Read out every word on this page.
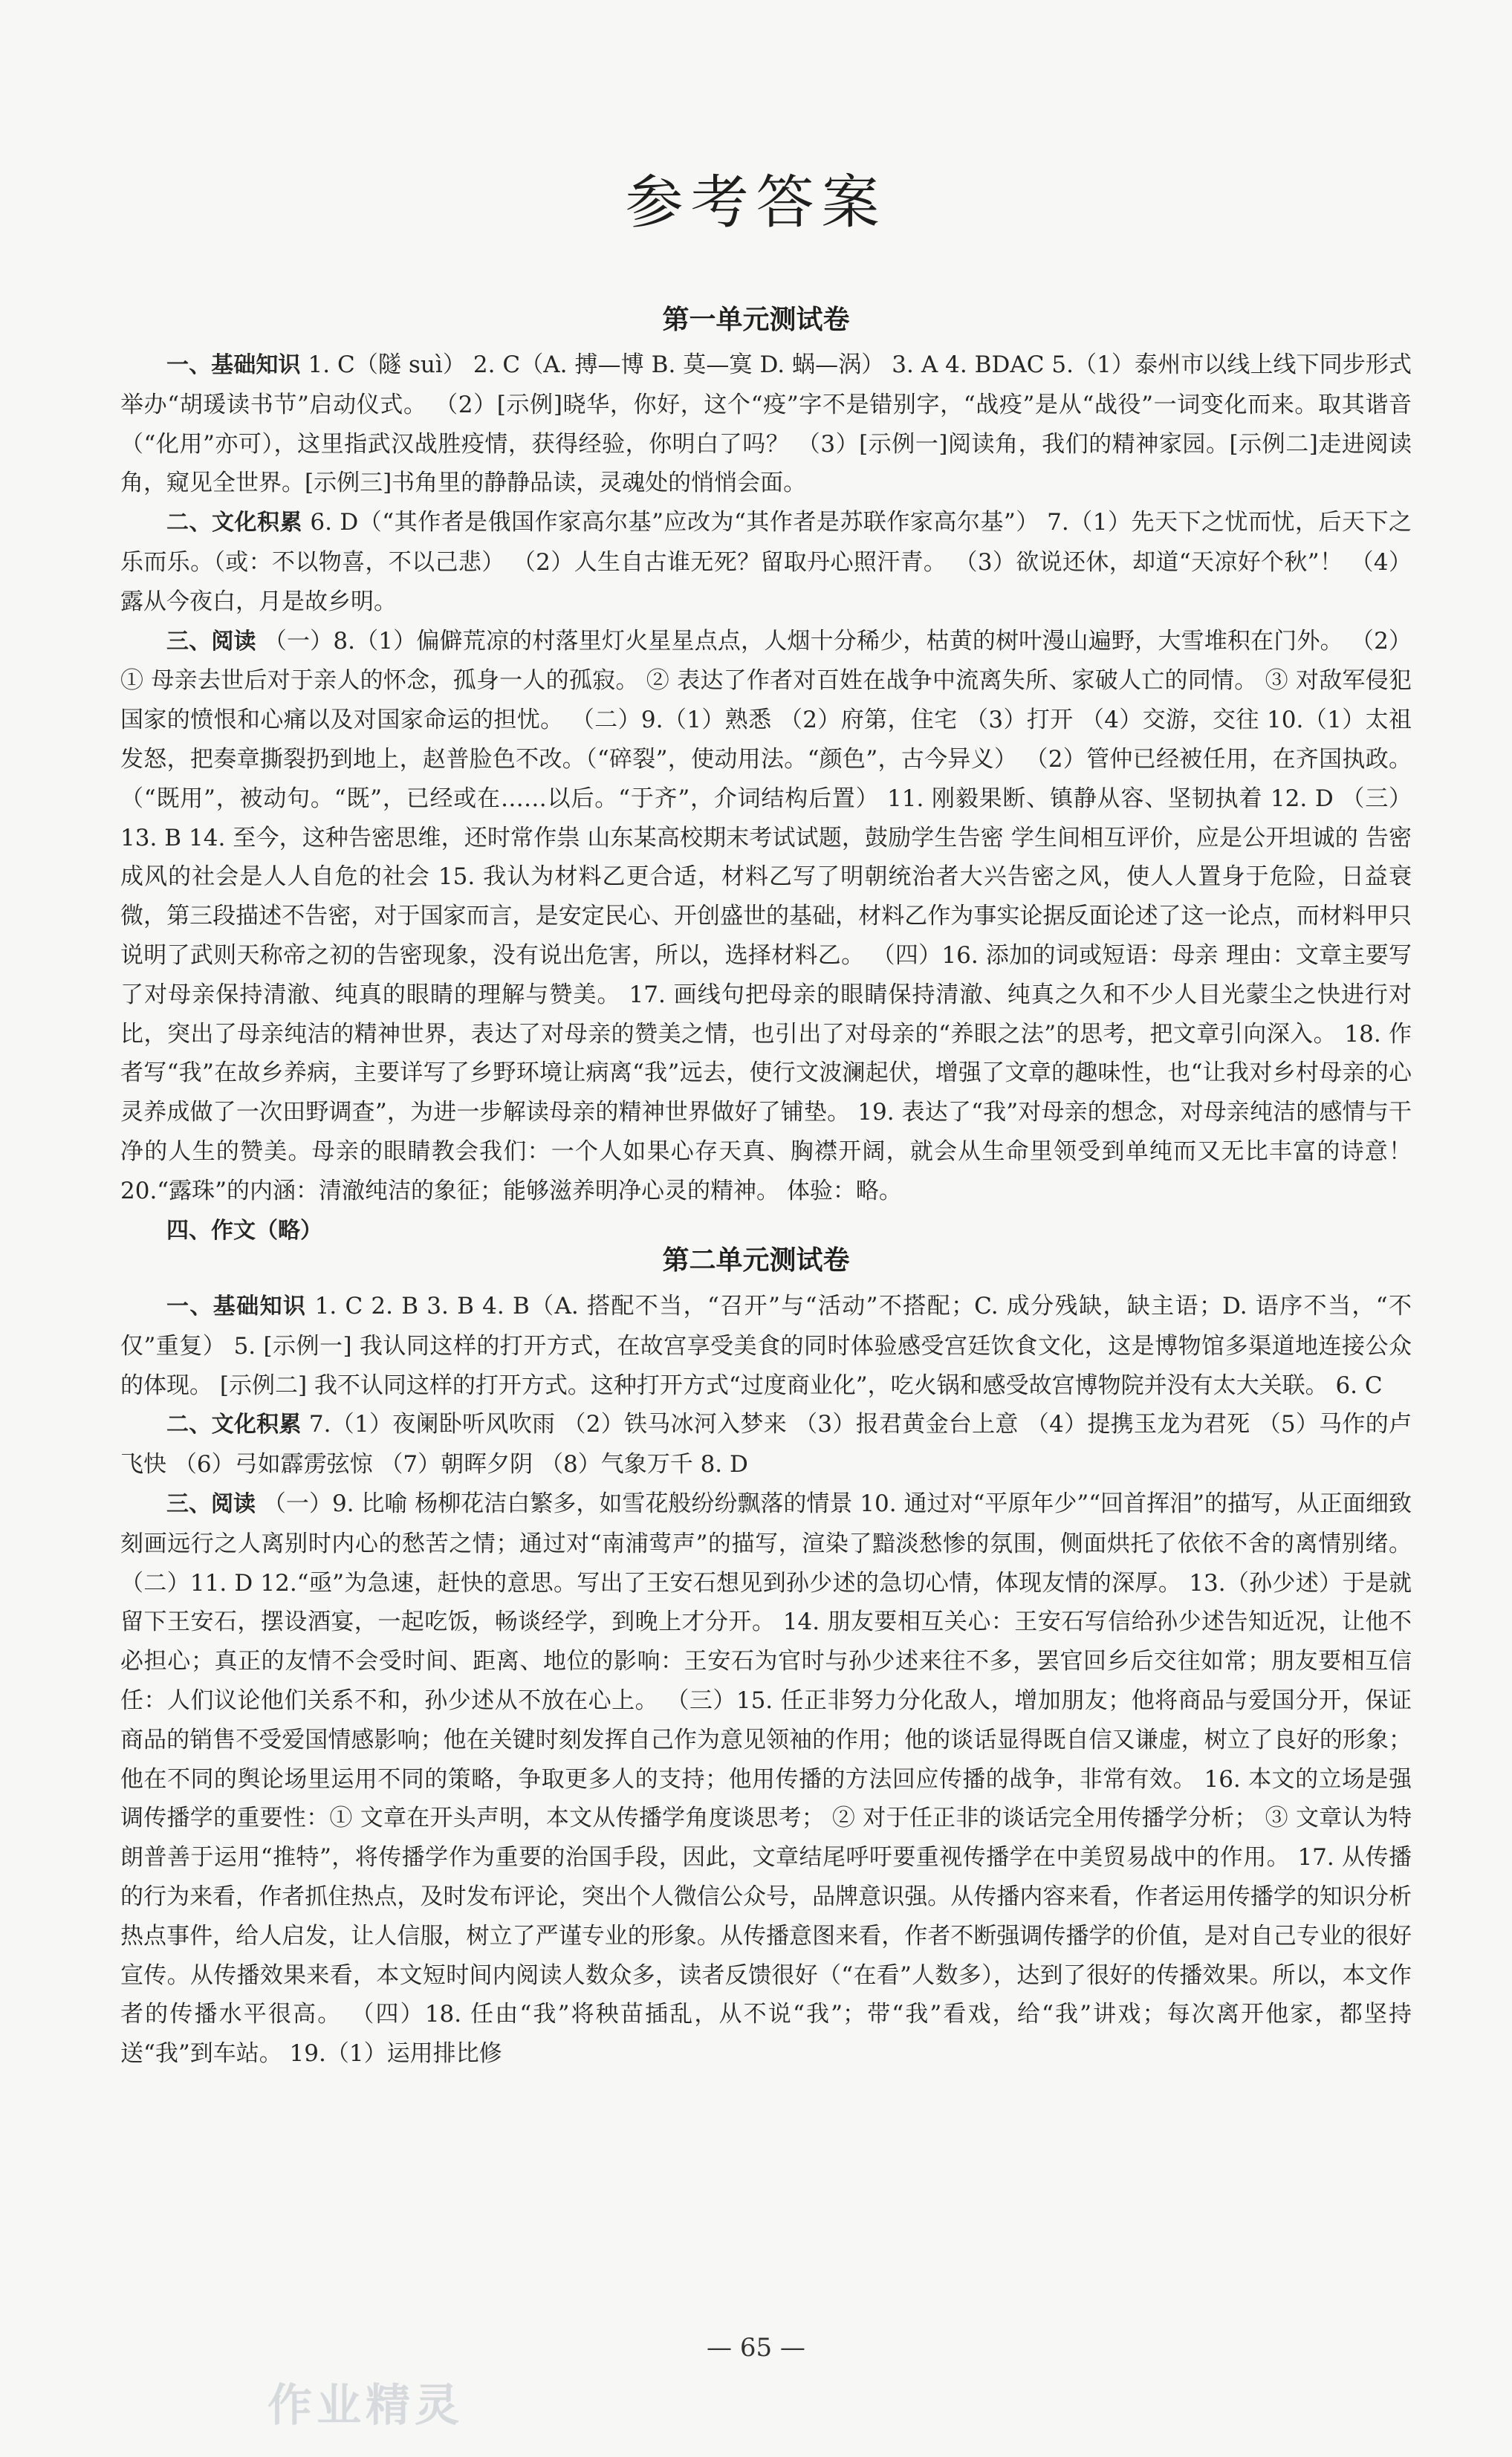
参考答案
第一单元测试卷

一、基础知识 1. C（隧 suì） 2. C（A. 搏—博 B. 莫—寞 D. 蜗—涡） 3. A 4. BDAC 5.（1）泰州市以线上线下同步形式举办“胡瑗读书节”启动仪式。 （2）[示例]晓华，你好，这个“疫”字不是错别字，“战疫”是从“战役”一词变化而来。取其谐音（“化用”亦可），这里指武汉战胜疫情，获得经验，你明白了吗？ （3）[示例一]阅读角，我们的精神家园。[示例二]走进阅读角，窥见全世界。[示例三]书角里的静静品读，灵魂处的悄悄会面。

二、文化积累 6. D（“其作者是俄国作家高尔基”应改为“其作者是苏联作家高尔基”） 7.（1）先天下之忧而忧，后天下之乐而乐。（或：不以物喜，不以己悲） （2）人生自古谁无死？留取丹心照汗青。 （3）欲说还休，却道“天凉好个秋”！ （4）露从今夜白，月是故乡明。

三、阅读 （一）8.（1）偏僻荒凉的村落里灯火星星点点，人烟十分稀少，枯黄的树叶漫山遍野，大雪堆积在门外。 （2）① 母亲去世后对于亲人的怀念，孤身一人的孤寂。 ② 表达了作者对百姓在战争中流离失所、家破人亡的同情。 ③ 对敌军侵犯国家的愤恨和心痛以及对国家命运的担忧。 （二）9.（1）熟悉 （2）府第，住宅 （3）打开 （4）交游，交往 10.（1）太祖发怒，把奏章撕裂扔到地上，赵普脸色不改。（“碎裂”，使动用法。“颜色”，古今异义） （2）管仲已经被任用，在齐国执政。（“既用”，被动句。“既”，已经或在……以后。“于齐”，介词结构后置） 11. 刚毅果断、镇静从容、坚韧执着 12. D （三）13. B 14. 至今，这种告密思维，还时常作祟 山东某高校期末考试试题，鼓励学生告密 学生间相互评价，应是公开坦诚的 告密成风的社会是人人自危的社会 15. 我认为材料乙更合适，材料乙写了明朝统治者大兴告密之风，使人人置身于危险，日益衰微，第三段描述不告密，对于国家而言，是安定民心、开创盛世的基础，材料乙作为事实论据反面论述了这一论点，而材料甲只说明了武则天称帝之初的告密现象，没有说出危害，所以，选择材料乙。 （四）16. 添加的词或短语：母亲 理由：文章主要写了对母亲保持清澈、纯真的眼睛的理解与赞美。 17. 画线句把母亲的眼睛保持清澈、纯真之久和不少人目光蒙尘之快进行对比，突出了母亲纯洁的精神世界，表达了对母亲的赞美之情，也引出了对母亲的“养眼之法”的思考，把文章引向深入。 18. 作者写“我”在故乡养病，主要详写了乡野环境让病离“我”远去，使行文波澜起伏，增强了文章的趣味性，也“让我对乡村母亲的心灵养成做了一次田野调查”，为进一步解读母亲的精神世界做好了铺垫。 19. 表达了“我”对母亲的想念，对母亲纯洁的感情与干净的人生的赞美。母亲的眼睛教会我们：一个人如果心存天真、胸襟开阔，就会从生命里领受到单纯而又无比丰富的诗意！ 20.“露珠”的内涵：清澈纯洁的象征；能够滋养明净心灵的精神。 体验：略。

四、作文（略）

第二单元测试卷

一、基础知识 1. C 2. B 3. B 4. B（A. 搭配不当，“召开”与“活动”不搭配；C. 成分残缺，缺主语；D. 语序不当，“不仅”重复） 5. [示例一] 我认同这样的打开方式，在故宫享受美食的同时体验感受宫廷饮食文化，这是博物馆多渠道地连接公众的体现。 [示例二] 我不认同这样的打开方式。这种打开方式“过度商业化”，吃火锅和感受故宫博物院并没有太大关联。 6. C

二、文化积累 7.（1）夜阑卧听风吹雨 （2）铁马冰河入梦来 （3）报君黄金台上意 （4）提携玉龙为君死 （5）马作的卢飞快 （6）弓如霹雳弦惊 （7）朝晖夕阴 （8）气象万千 8. D

三、阅读 （一）9. 比喻 杨柳花洁白繁多，如雪花般纷纷飘落的情景 10. 通过对“平原年少”“回首挥泪”的描写，从正面细致刻画远行之人离别时内心的愁苦之情；通过对“南浦莺声”的描写，渲染了黯淡愁惨的氛围，侧面烘托了依依不舍的离情别绪。 （二）11. D 12.“亟”为急速，赶快的意思。写出了王安石想见到孙少述的急切心情，体现友情的深厚。 13.（孙少述）于是就留下王安石，摆设酒宴，一起吃饭，畅谈经学，到晚上才分开。 14. 朋友要相互关心：王安石写信给孙少述告知近况，让他不必担心；真正的友情不会受时间、距离、地位的影响：王安石为官时与孙少述来往不多，罢官回乡后交往如常；朋友要相互信任：人们议论他们关系不和，孙少述从不放在心上。 （三）15. 任正非努力分化敌人，增加朋友；他将商品与爱国分开，保证商品的销售不受爱国情感影响；他在关键时刻发挥自己作为意见领袖的作用；他的谈话显得既自信又谦虚，树立了良好的形象；他在不同的舆论场里运用不同的策略，争取更多人的支持；他用传播的方法回应传播的战争，非常有效。 16. 本文的立场是强调传播学的重要性：① 文章在开头声明，本文从传播学角度谈思考； ② 对于任正非的谈话完全用传播学分析； ③ 文章认为特朗普善于运用“推特”，将传播学作为重要的治国手段，因此，文章结尾呼吁要重视传播学在中美贸易战中的作用。 17. 从传播的行为来看，作者抓住热点，及时发布评论，突出个人微信公众号，品牌意识强。从传播内容来看，作者运用传播学的知识分析热点事件，给人启发，让人信服，树立了严谨专业的形象。从传播意图来看，作者不断强调传播学的价值，是对自己专业的很好宣传。从传播效果来看，本文短时间内阅读人数众多，读者反馈很好（“在看”人数多），达到了很好的传播效果。所以，本文作者的传播水平很高。 （四）18. 任由“我”将秧苗插乱，从不说“我”；带“我”看戏，给“我”讲戏；每次离开他家，都坚持送“我”到车站。 19.（1）运用排比修

— 65 —
作业精灵
